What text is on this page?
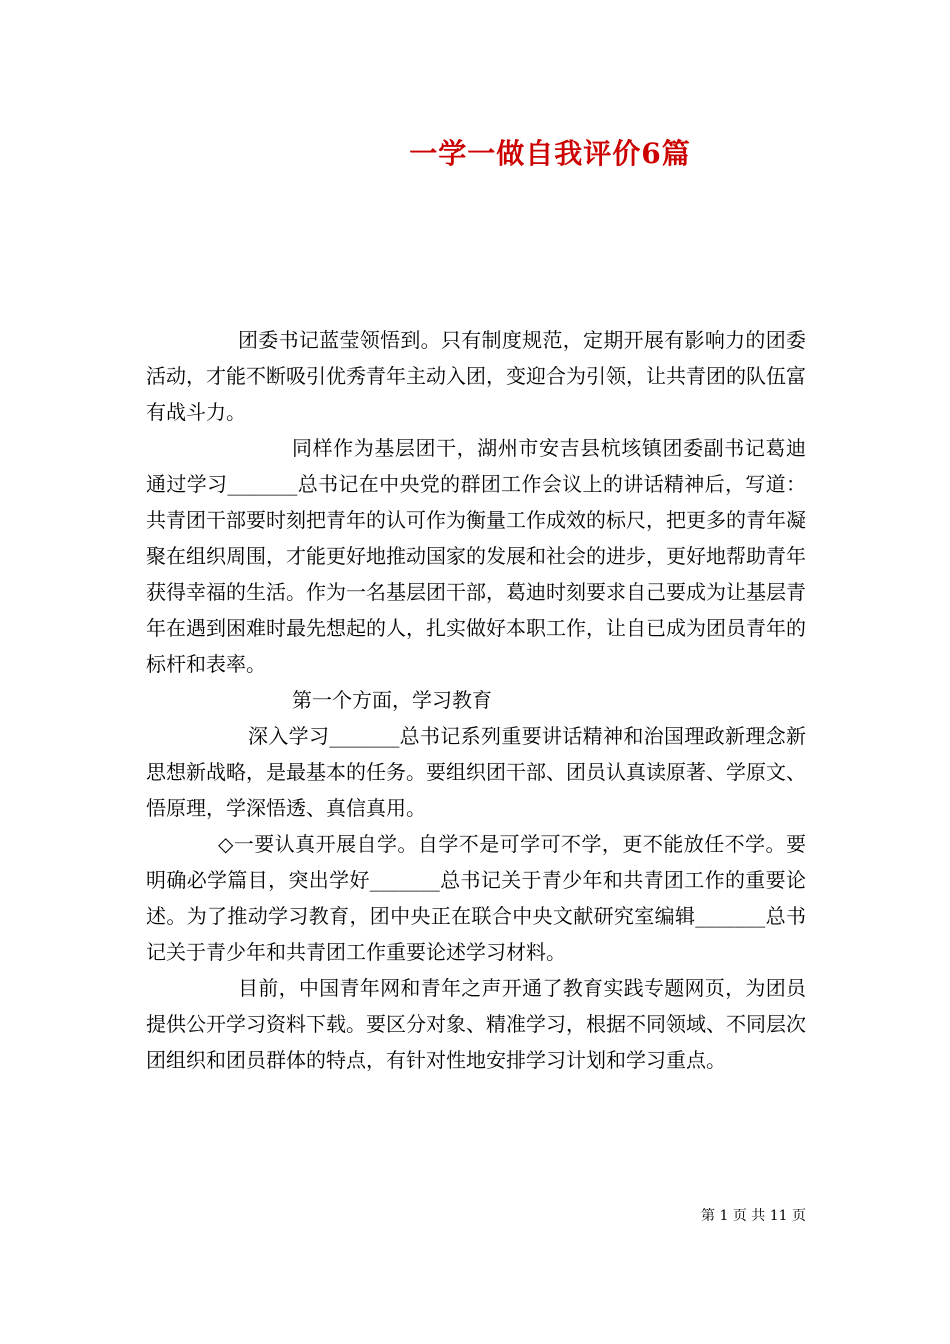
一学一做自我评价6篇

团委书记蓝莹领悟到。只有制度规范，定期开展有影响力的团委活动，才能不断吸引优秀青年主动入团，变迎合为引领，让共青团的队伍富有战斗力。

同样作为基层团干，湖州市安吉县杭垓镇团委副书记葛迪通过学习_______总书记在中央党的群团工作会议上的讲话精神后，写道：共青团干部要时刻把青年的认可作为衡量工作成效的标尺，把更多的青年凝聚在组织周围，才能更好地推动国家的发展和社会的进步，更好地帮助青年获得幸福的生活。作为一名基层团干部，葛迪时刻要求自己要成为让基层青年在遇到困难时最先想起的人，扎实做好本职工作，让自已成为团员青年的标杆和表率。

第一个方面，学习教育

深入学习_______总书记系列重要讲话精神和治国理政新理念新思想新战略，是最基本的任务。要组织团干部、团员认真读原著、学原文、悟原理，学深悟透、真信真用。

◇一要认真开展自学。自学不是可学可不学，更不能放任不学。要明确必学篇目，突出学好_______总书记关于青少年和共青团工作的重要论述。为了推动学习教育，团中央正在联合中央文献研究室编辑_______总书记关于青少年和共青团工作重要论述学习材料。

目前，中国青年网和青年之声开通了教育实践专题网页，为团员提供公开学习资料下载。要区分对象、精准学习，根据不同领域、不同层次团组织和团员群体的特点，有针对性地安排学习计划和学习重点。

第 1 页 共 11 页
